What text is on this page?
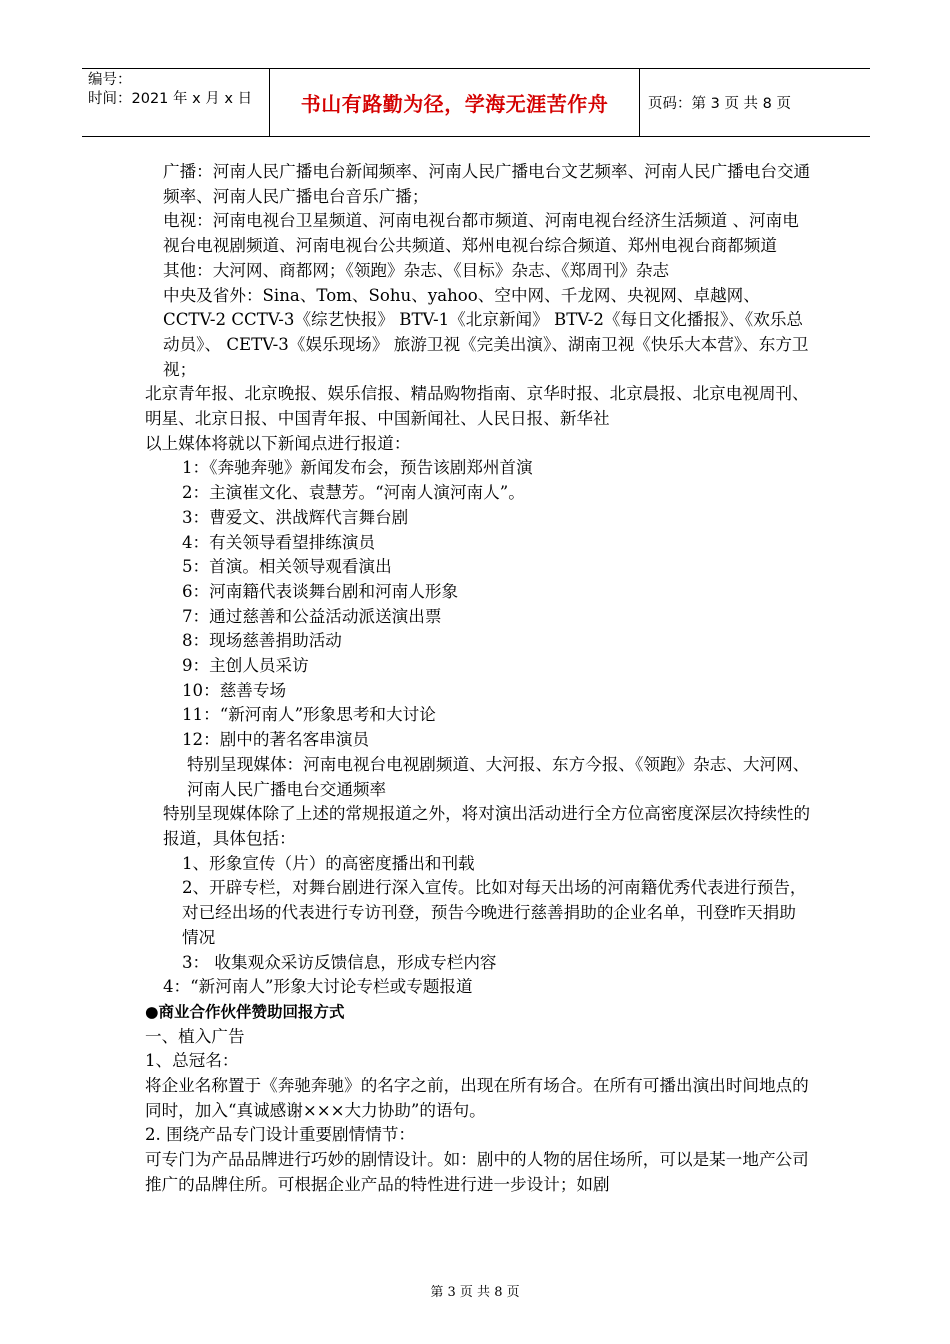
编号：
时间：2021 年 x 月 x 日	书山有路勤为径，学海无涯苦作舟	页码：第 3 页 共 8 页

广播：河南人民广播电台新闻频率、河南人民广播电台文艺频率、河南人民广播电台交通频率、河南人民广播电台音乐广播；

电视：河南电视台卫星频道、河南电视台都市频道、河南电视台经济生活频道 、河南电视台电视剧频道、河南电视台公共频道、郑州电视台综合频道、郑州电视台商都频道

其他：大河网、商都网；《领跑》杂志、《目标》杂志、《郑周刊》杂志

中央及省外：Sina、Tom、Sohu、yahoo、空中网、千龙网、央视网、卓越网、CCTV-2 CCTV-3《综艺快报》 BTV-1《北京新闻》 BTV-2《每日文化播报》、《欢乐总动员》、 CETV-3《娱乐现场》 旅游卫视《完美出演》、湖南卫视《快乐大本营》、东方卫视；

北京青年报、北京晚报、娱乐信报、精品购物指南、京华时报、北京晨报、北京电视周刊、明星、北京日报、中国青年报、中国新闻社、人民日报、新华社

以上媒体将就以下新闻点进行报道：

1：《奔驰奔驰》新闻发布会，预告该剧郑州首演

2：主演崔文化、袁慧芳。“河南人演河南人”。

3：曹爱文、洪战辉代言舞台剧

4：有关领导看望排练演员

5：首演。相关领导观看演出

6：河南籍代表谈舞台剧和河南人形象

7：通过慈善和公益活动派送演出票

8：现场慈善捐助活动

9：主创人员采访

10：慈善专场

11：“新河南人”形象思考和大讨论

12：剧中的著名客串演员

特别呈现媒体：河南电视台电视剧频道、大河报、东方今报、《领跑》杂志、大河网、河南人民广播电台交通频率

特别呈现媒体除了上述的常规报道之外，将对演出活动进行全方位高密度深层次持续性的报道，具体包括：

1、形象宣传（片）的高密度播出和刊载

2、开辟专栏，对舞台剧进行深入宣传。比如对每天出场的河南籍优秀代表进行预告，对已经出场的代表进行专访刊登，预告今晚进行慈善捐助的企业名单，刊登昨天捐助情况

3： 收集观众采访反馈信息，形成专栏内容

4：“新河南人”形象大讨论专栏或专题报道

●商业合作伙伴赞助回报方式

一、植入广告

1、总冠名：

将企业名称置于《奔驰奔驰》的名字之前，出现在所有场合。在所有可播出演出时间地点的同时，加入“真诚感谢×××大力协助”的语句。

2. 围绕产品专门设计重要剧情情节：

可专门为产品品牌进行巧妙的剧情设计。如：剧中的人物的居住场所，可以是某一地产公司推广的品牌住所。可根据企业产品的特性进行进一步设计；如剧

第 3 页 共 8 页
